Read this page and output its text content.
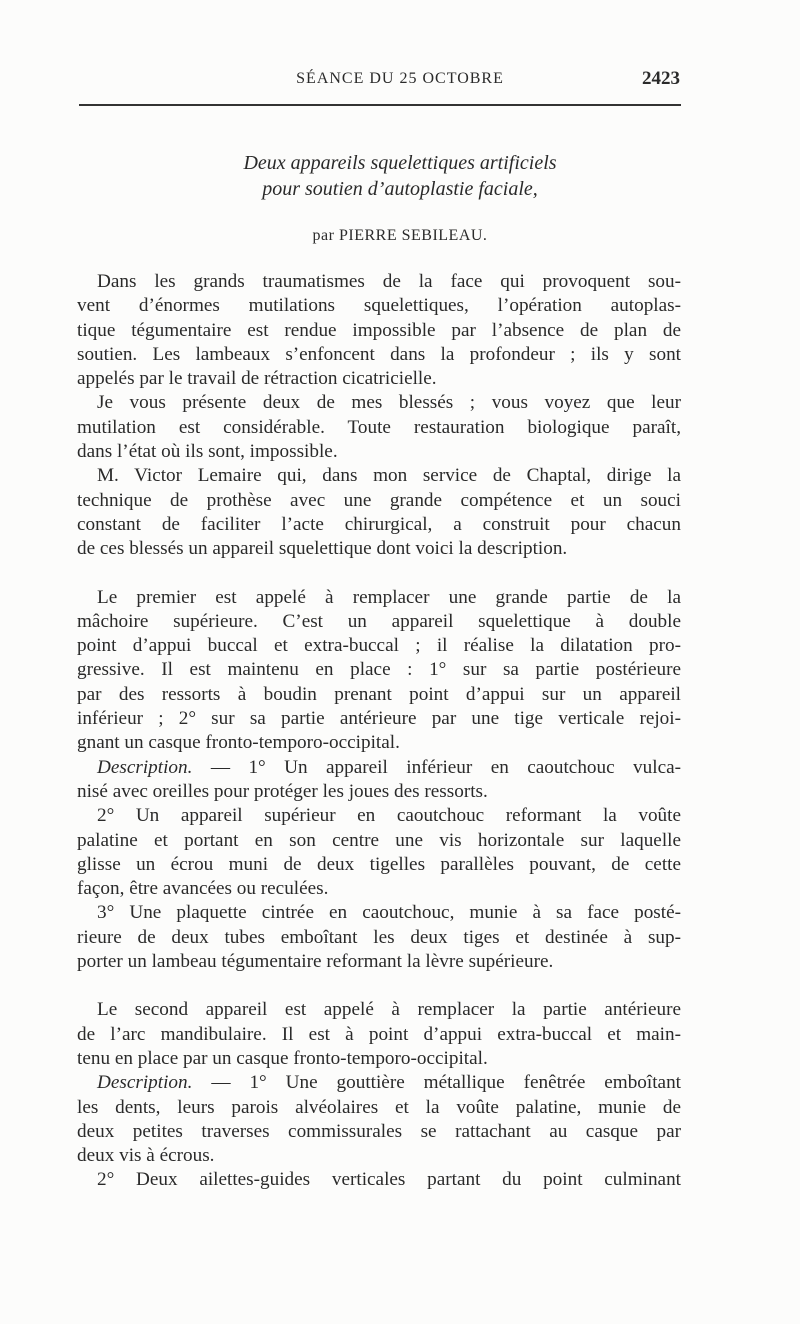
SÉANCE DU 25 OCTOBRE	2423
Deux appareils squelettiques artificiels
pour soutien d’autoplastie faciale,
par PIERRE SEBILEAU.

Dans les grands traumatismes de la face qui provoquent sou-
vent d’énormes mutilations squelettiques, l’opération autoplas-
tique tégumentaire est rendue impossible par l’absence de plan de
soutien. Les lambeaux s’enfoncent dans la profondeur ; ils y sont
appelés par le travail de rétraction cicatricielle.

Je vous présente deux de mes blessés ; vous voyez que leur
mutilation est considérable. Toute restauration biologique paraît,
dans l’état où ils sont, impossible.

M. Victor Lemaire qui, dans mon service de Chaptal, dirige la
technique de prothèse avec une grande compétence et un souci
constant de faciliter l’acte chirurgical, a construit pour chacun
de ces blessés un appareil squelettique dont voici la description.

Le premier est appelé à remplacer une grande partie de la
mâchoire supérieure. C’est un appareil squelettique à double
point d’appui buccal et extra-buccal ; il réalise la dilatation pro-
gressive. Il est maintenu en place : 1° sur sa partie postérieure
par des ressorts à boudin prenant point d’appui sur un appareil
inférieur ; 2° sur sa partie antérieure par une tige verticale rejoi-
gnant un casque fronto-temporo-occipital.

Description. — 1° Un appareil inférieur en caoutchouc vulca-
nisé avec oreilles pour protéger les joues des ressorts.

2° Un appareil supérieur en caoutchouc reformant la voûte
palatine et portant en son centre une vis horizontale sur laquelle
glisse un écrou muni de deux tigelles parallèles pouvant, de cette
façon, être avancées ou reculées.

3° Une plaquette cintrée en caoutchouc, munie à sa face posté-
rieure de deux tubes emboîtant les deux tiges et destinée à sup-
porter un lambeau tégumentaire reformant la lèvre supérieure.

Le second appareil est appelé à remplacer la partie antérieure
de l’arc mandibulaire. Il est à point d’appui extra-buccal et main-
tenu en place par un casque fronto-temporo-occipital.

Description. — 1° Une gouttière métallique fenêtrée emboîtant
les dents, leurs parois alvéolaires et la voûte palatine, munie de
deux petites traverses commissurales se rattachant au casque par
deux vis à écrous.

2° Deux ailettes-guides verticales partant du point culminant
